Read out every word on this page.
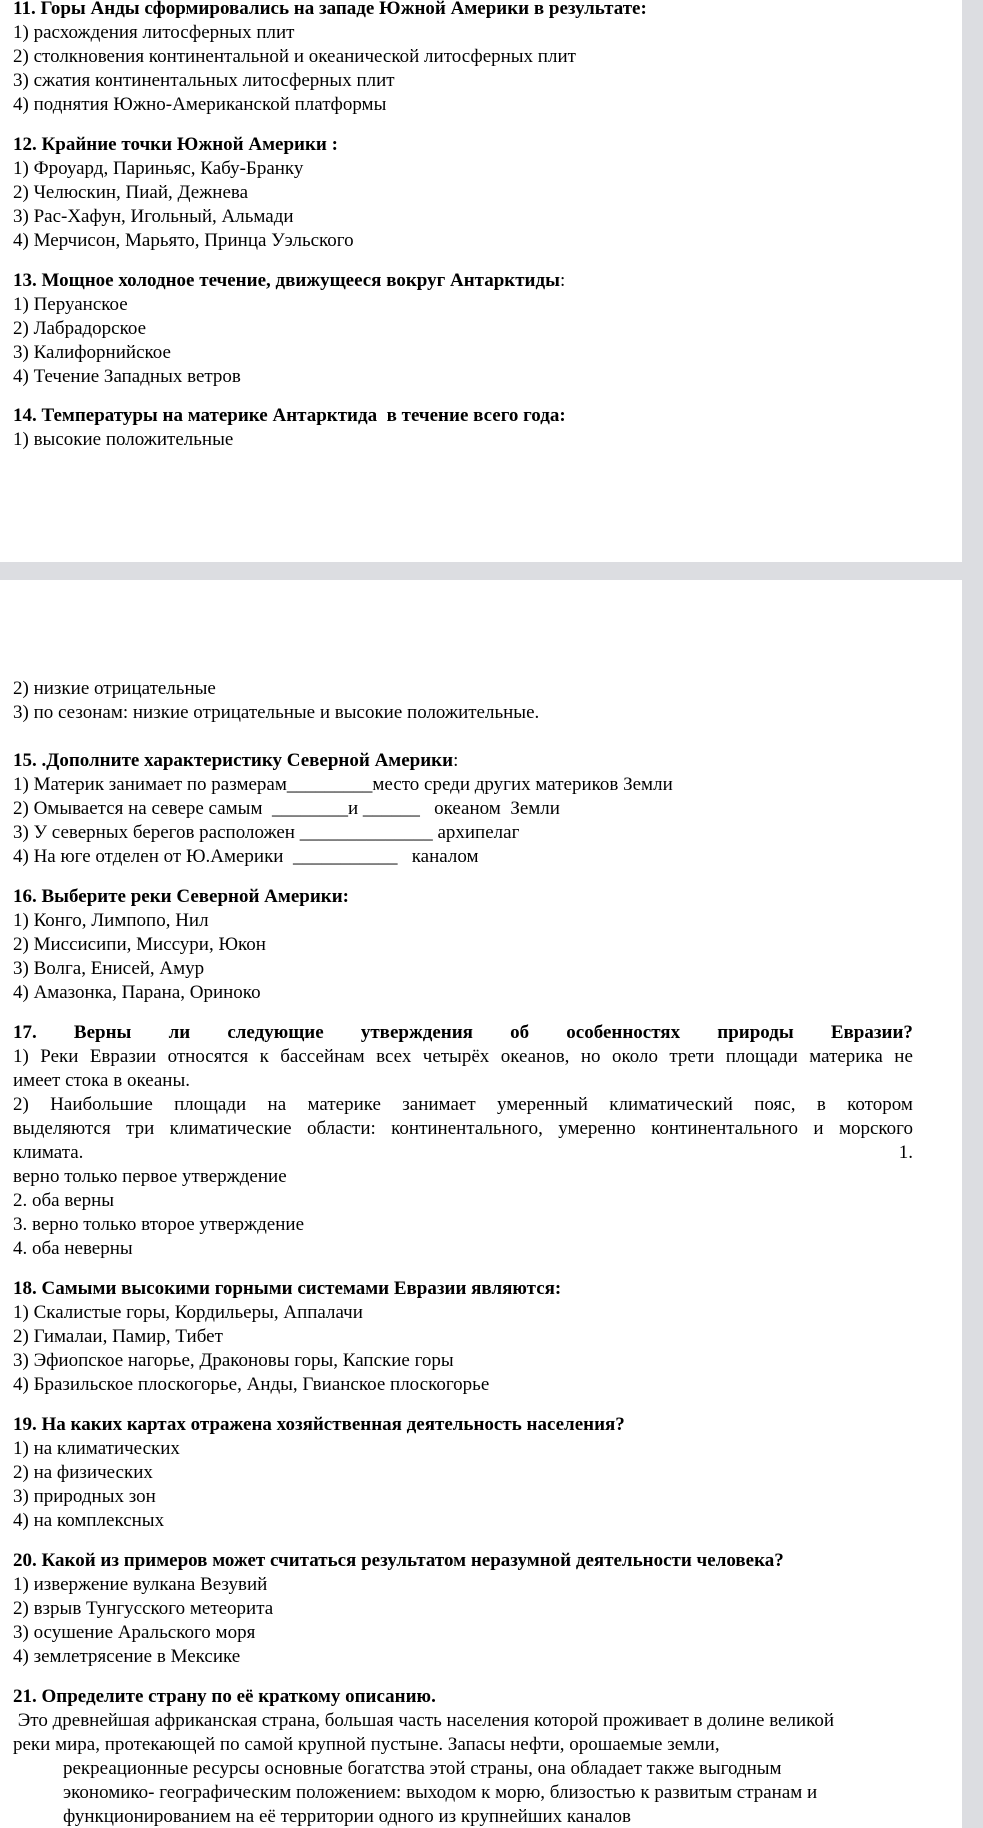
11. Горы Анды сформировались на западе Южной Америки в результате:
1) расхождения литосферных плит
2) столкновения континентальной и океанической литосферных плит
3) сжатия континентальных литосферных плит
4) поднятия Южно-Американской платформы
12. Крайние точки Южной Америки :
1) Фроуард, Париньяс, Кабу-Бранку
2) Челюскин, Пиай, Дежнева
3) Рас-Хафун, Игольный, Альмади
4) Мерчисон, Марьято, Принца Уэльского
13. Мощное холодное течение, движущееся вокруг Антарктиды:
1) Перуанское
2) Лабрадорское
3) Калифорнийское
4) Течение Западных ветров
14. Температуры на материке Антарктида  в течение всего года:
1) высокие положительные
2) низкие отрицательные
3) по сезонам: низкие отрицательные и высокие положительные.
15. .Дополните характеристику Северной Америки:
1) Материк занимает по размерам_________место среди других материков Земли
2) Омывается на севере самым  ________и ______   океаном  Земли
3) У северных берегов расположен ______________ архипелаг
4) На юге отделен от Ю.Америки  ___________   каналом
16. Выберите реки Северной Америки:
1) Конго, Лимпопо, Нил
2) Миссисипи, Миссури, Юкон
3) Волга, Енисей, Амур
4) Амазонка, Парана, Ориноко
17. Верны ли следующие утверждения об особенностях природы Евразии?
1) Реки Евразии относятся к бассейнам всех четырёх океанов, но около трети площади материка не
имеет стока в океаны.
2) Наибольшие площади на материке занимает умеренный климатический пояс, в котором
выделяются три климатические области: континентального, умеренно континентального и морского
климата.	1.
верно только первое утверждение
2. оба верны
3. верно только вторoе утверждение
4. оба неверны
18. Самыми высокими горными системами Евразии являются:
1) Скалистые горы, Кордильеры, Аппалачи
2) Гималаи, Памир, Тибет
3) Эфиопское нагорье, Драконовы горы, Капские горы
4) Бразильское плоскогорье, Анды, Гвианское плоскогорье
19. На каких картах отражена хозяйственная деятельность населения?
1) на климатических
2) на физических
3) природных зон
4) на комплексных
20. Какой из примеров может считаться результатом неразумной деятельности человека?
1) извержение вулкана Везувий
2) взрыв Тунгусского метеорита
3) осушение Аральского моря
4) землетрясение в Мексике
21. Определите страну по её краткому описанию.
Это древнейшая африканская страна, большая часть населения которой проживает в долине великой
реки мира, протекающей по самой крупной пустыне. Запасы нефти, орошаемые земли,
рекреационные ресурсы основные богатства этой страны, она обладает также выгодным
экономико- географическим положением: выходом к морю, близостью к развитым странам и
функционированием на её территории одного из крупнейших каналов
